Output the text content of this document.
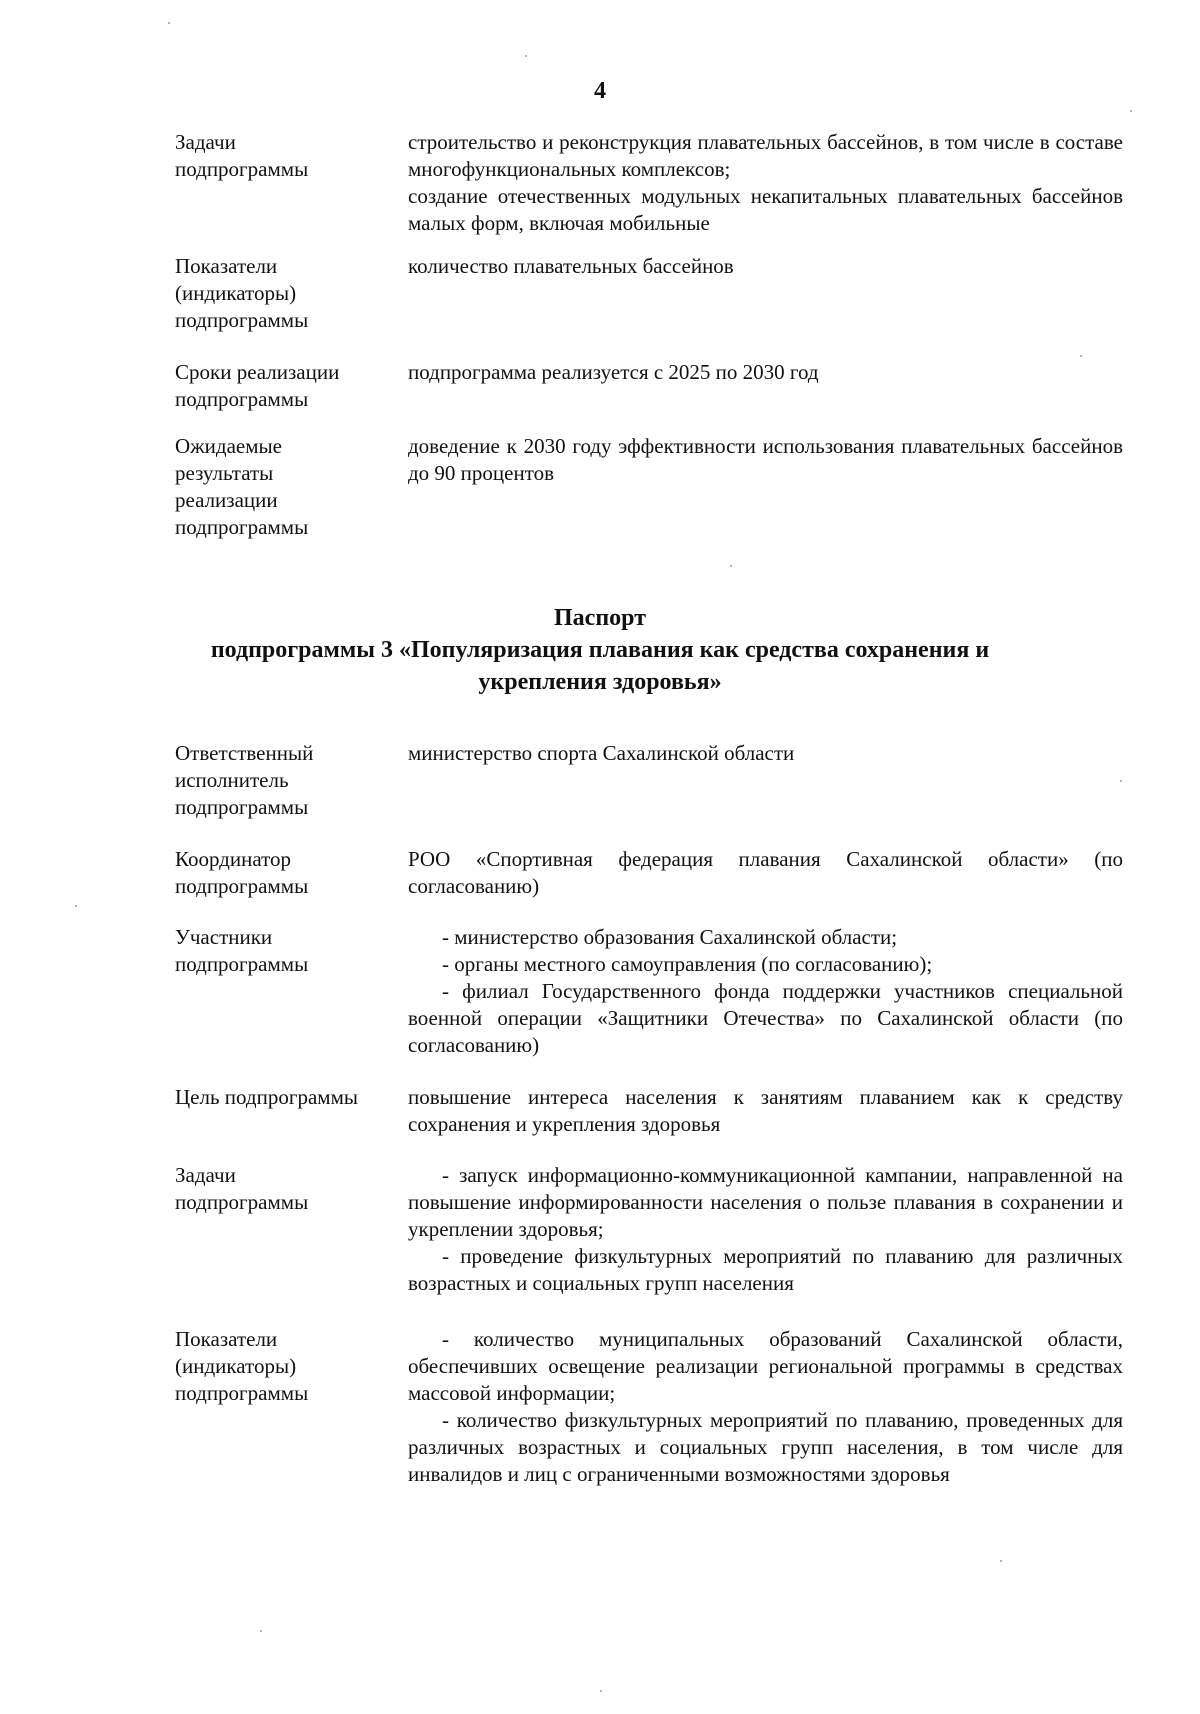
4
Задачи
подпрограммы

строительство и реконструкция плавательных бассейнов, в том числе в составе многофункциональных комплексов;

создание отечественных модульных некапитальных плавательных бассейнов малых форм, включая мобильные

Показатели
(индикаторы)
подпрограммы

количество плавательных бассейнов

Сроки реализации
подпрограммы

подпрограмма реализуется с 2025 по 2030 год

Ожидаемые
результаты
реализации
подпрограммы

доведение к 2030 году эффективности использования плавательных бассейнов до 90 процентов

Паспорт
подпрограммы 3 «Популяризация плавания как средства сохранения и
укрепления здоровья»
Ответственный
исполнитель
подпрограммы

министерство спорта Сахалинской области

Координатор
подпрограммы

РОО «Спортивная федерация плавания Сахалинской области» (по согласованию)

Участники
подпрограммы

- министерство образования Сахалинской области;

- органы местного самоуправления (по согласованию);

- филиал Государственного фонда поддержки участников специальной военной операции «Защитники Отечества» по Сахалинской области (по согласованию)

Цель подпрограммы	повышение интереса населения к занятиям плаванием как к средству сохранения и укрепления здоровья

Задачи
подпрограммы

- запуск информационно-коммуникационной кампании, направленной на повышение информированности населения о пользе плавания в сохранении и укреплении здоровья;

- проведение физкультурных мероприятий по плаванию для различных возрастных и социальных групп населения

Показатели
(индикаторы)
подпрограммы

- количество муниципальных образований Сахалинской области, обеспечивших освещение реализации региональной программы в средствах массовой информации;

- количество физкультурных мероприятий по плаванию, проведенных для различных возрастных и социальных групп населения, в том числе для инвалидов и лиц с ограниченными возможностями здоровья
